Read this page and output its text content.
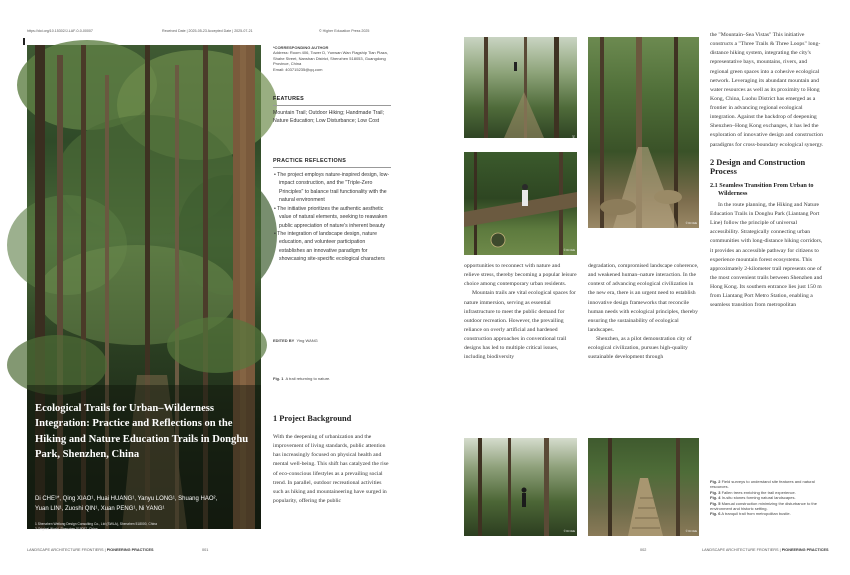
https://doi.org/10.15302/J-LAF-0-0-00007	Received Date | 2025-05-23 Accepted Date | 2025-07-21	© Higher Education Press 2025
Ecological Trails for Urban–Wilderness Integration: Practice and Reflections on the Hiking and Nature Education Trails in Donghu Park, Shenzhen, China
Di CHE¹*, Qing XIAO¹, Huai HUANG¹, Yanyu LONG¹, Shuang HAO²,
Yuan LIN¹, Zuoshi QIN¹, Xuan PENG¹, Ni YANG¹
1 Shenzhen Weilong Design Consulting Co., Ltd (SWLA), Shenzhen 518000, China
2 Original World, Shenzhen 518057, China
*CORRESPONDING AUTHOR
Address: Room 406, Tower D, Yunwan Wan Flagship Tian Plaza, Shahe Street, Nanshan District, Shenzhen 518053, Guangdong Province, China
Email: 403715235@qq.com
FEATURES
Mountain Trail; Outdoor Hiking; Handmade Trail; Nature Education; Low Disturbance; Low Cost
PRACTICE REFLECTIONS
• The project employs nature-inspired design, low-impact construction, and the "Triple-Zero Principles" to balance trail functionality with the natural environment
• The initiative prioritizes the authentic aesthetic value of natural elements, seeking to reawaken public appreciation of nature's inherent beauty
• The integration of landscape design, nature education, and volunteer participation establishes an innovative paradigm for showcasing site-specific ecological characters
EDITED BY Ying WANG
Fig. 1 A trail returning to nature.
1 Project Background
With the deepening of urbanization and the improvement of living standards, public attention has increasingly focused on physical health and mental well-being. This shift has catalyzed the rise of eco-conscious lifestyles as a prevailing social trend. In parallel, outdoor recreational activities such as hiking and mountaineering have surged in popularity, offering the public
LANDSCAPE ARCHITECTURE FRONTIERS | PIONEERING PRACTICES	001
© Di CHE
© Di CHE
© Di CHE
opportunities to reconnect with nature and relieve stress, thereby becoming a popular leisure choice among contemporary urban residents.
Mountain trails are vital ecological spaces for nature immersion, serving as essential infrastructure to meet the public demand for outdoor recreation. However, the prevailing reliance on overly artificial and hardened construction approaches in conventional trail designs has led to multiple critical issues, including biodiversity
degradation, compromised landscape coherence, and weakened human–nature interaction. In the context of advancing ecological civilization in the new era, there is an urgent need to establish innovative design frameworks that reconcile human needs with ecological principles, thereby ensuring the sustainability of ecological landscapes.
Shenzhen, as a pilot demonstration city of ecological civilization, pursues high-quality sustainable development through
the "Mountain–Sea Vistas" This initiative constructs a "Three Trails & Three Loops" long-distance hiking system, integrating the city's representative bays, mountains, rivers, and regional green spaces into a cohesive ecological network. Leveraging its abundant mountain and water resources as well as its proximity to Hong Kong, China, Luohu District has emerged as a frontier in advancing regional ecological integration. Against the backdrop of deepening Shenzhen–Hong Kong exchanges, it has led the exploration of innovative design and construction paradigms for cross-boundary ecological synergy.
2 Design and Construction Process
2.1 Seamless Transition From Urban to Wilderness
In the route planning, the Hiking and Nature Education Trails in Donghu Park (Liantang Port Line) follow the principle of universal accessibility. Strategically connecting urban communities with long-distance hiking corridors, it provides an accessible pathway for citizens to experience mountain forest ecosystems. This approximately 2-kilometer trail represents one of the most convenient trails between Shenzhen and Hong Kong. Its southern entrance lies just 150 m from Liantang Port Metro Station, enabling a seamless transition from metropolitan
© Di CHE	© Di CHE
Fig. 2 Field surveys to understand site features and natural resources.
Fig. 3 Fallen trees enriching the trail experience.
Fig. 4 In-situ stones forming natural landscapes.
Fig. 5 Manual construction minimizing the disturbance to the environment and historic setting.
Fig. 6 A tranquil trail from metropolitan bustle.
002	LANDSCAPE ARCHITECTURE FRONTIERS | PIONEERING PRACTICES
